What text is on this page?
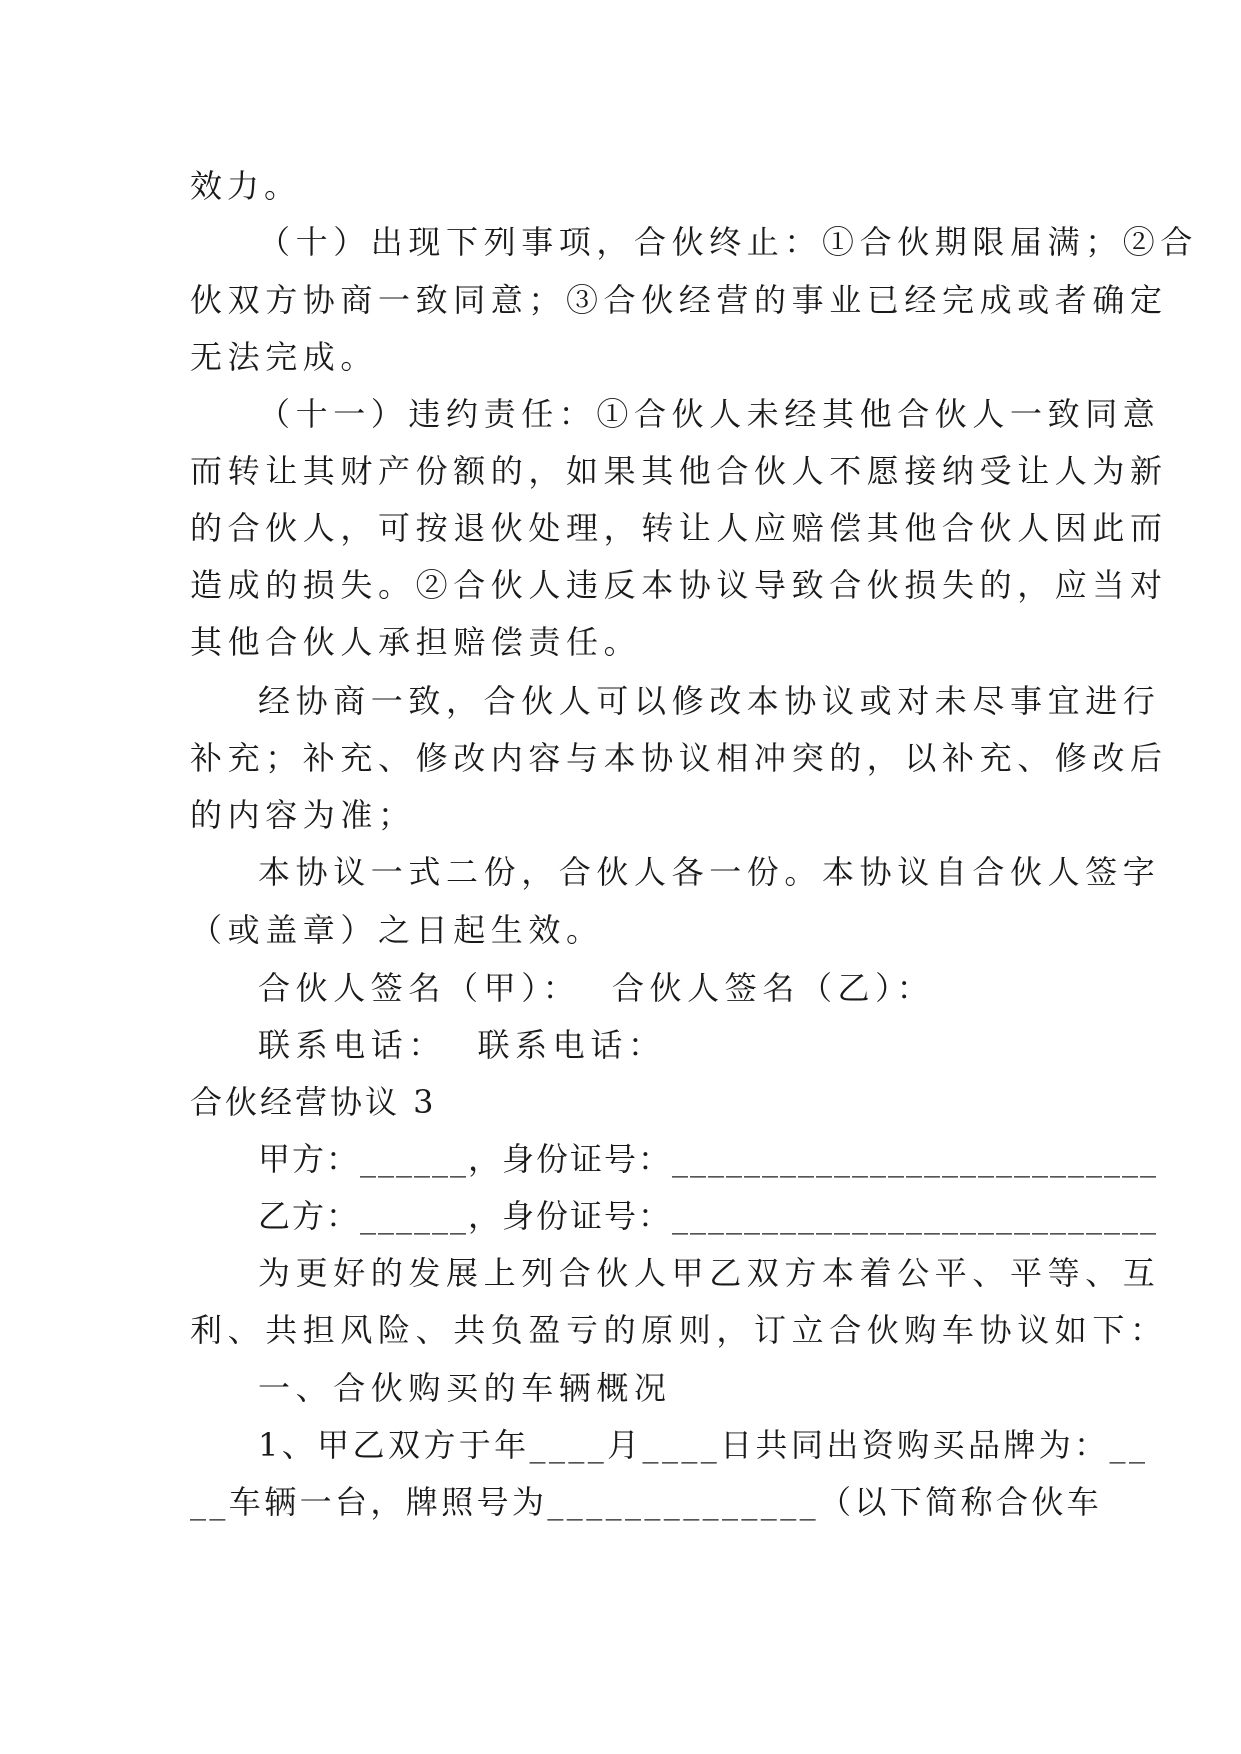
效力。
（十）出现下列事项，合伙终止：①合伙期限届满；②合
伙双方协商一致同意；③合伙经营的事业已经完成或者确定
无法完成。
（十一）违约责任：①合伙人未经其他合伙人一致同意
而转让其财产份额的，如果其他合伙人不愿接纳受让人为新
的合伙人，可按退伙处理，转让人应赔偿其他合伙人因此而
造成的损失。②合伙人违反本协议导致合伙损失的，应当对
其他合伙人承担赔偿责任。
经协商一致，合伙人可以修改本协议或对未尽事宜进行
补充；补充、修改内容与本协议相冲突的，以补充、修改后
的内容为准；
本协议一式二份，合伙人各一份。本协议自合伙人签字
（或盖章）之日起生效。
合伙人签名（甲）：  合伙人签名（乙）：
联系电话：  联系电话：
合伙经营协议 3
甲方：______，身份证号：___________________________
乙方：______，身份证号：___________________________
为更好的发展上列合伙人甲乙双方本着公平、平等、互
利、共担风险、共负盈亏的原则，订立合伙购车协议如下：
一、合伙购买的车辆概况
1、甲乙双方于年____月____日共同出资购买品牌为：__
__车辆一台，牌照号为______________（以下简称合伙车
